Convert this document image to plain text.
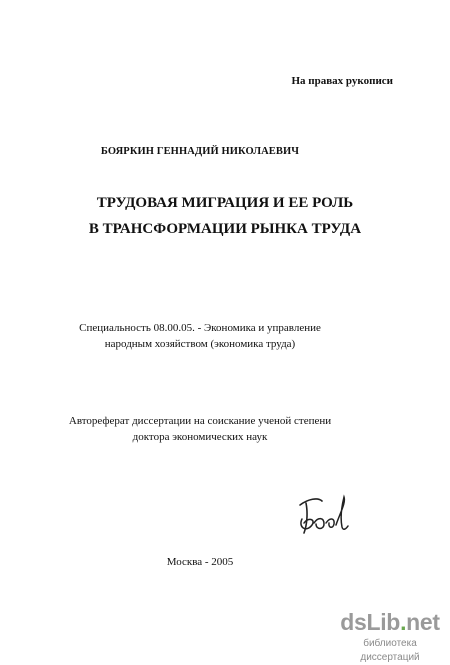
На правах рукописи
БОЯРКИН ГЕННАДИЙ НИКОЛАЕВИЧ
ТРУДОВАЯ МИГРАЦИЯ И ЕЕ РОЛЬ
В ТРАНСФОРМАЦИИ РЫНКА ТРУДА
Специальность 08.00.05. - Экономика и управление
народным хозяйством (экономика труда)
Автореферат диссертации на соискание ученой степени
доктора экономических наук
Москва - 2005
dsLib.net
библиотека диссертаций
